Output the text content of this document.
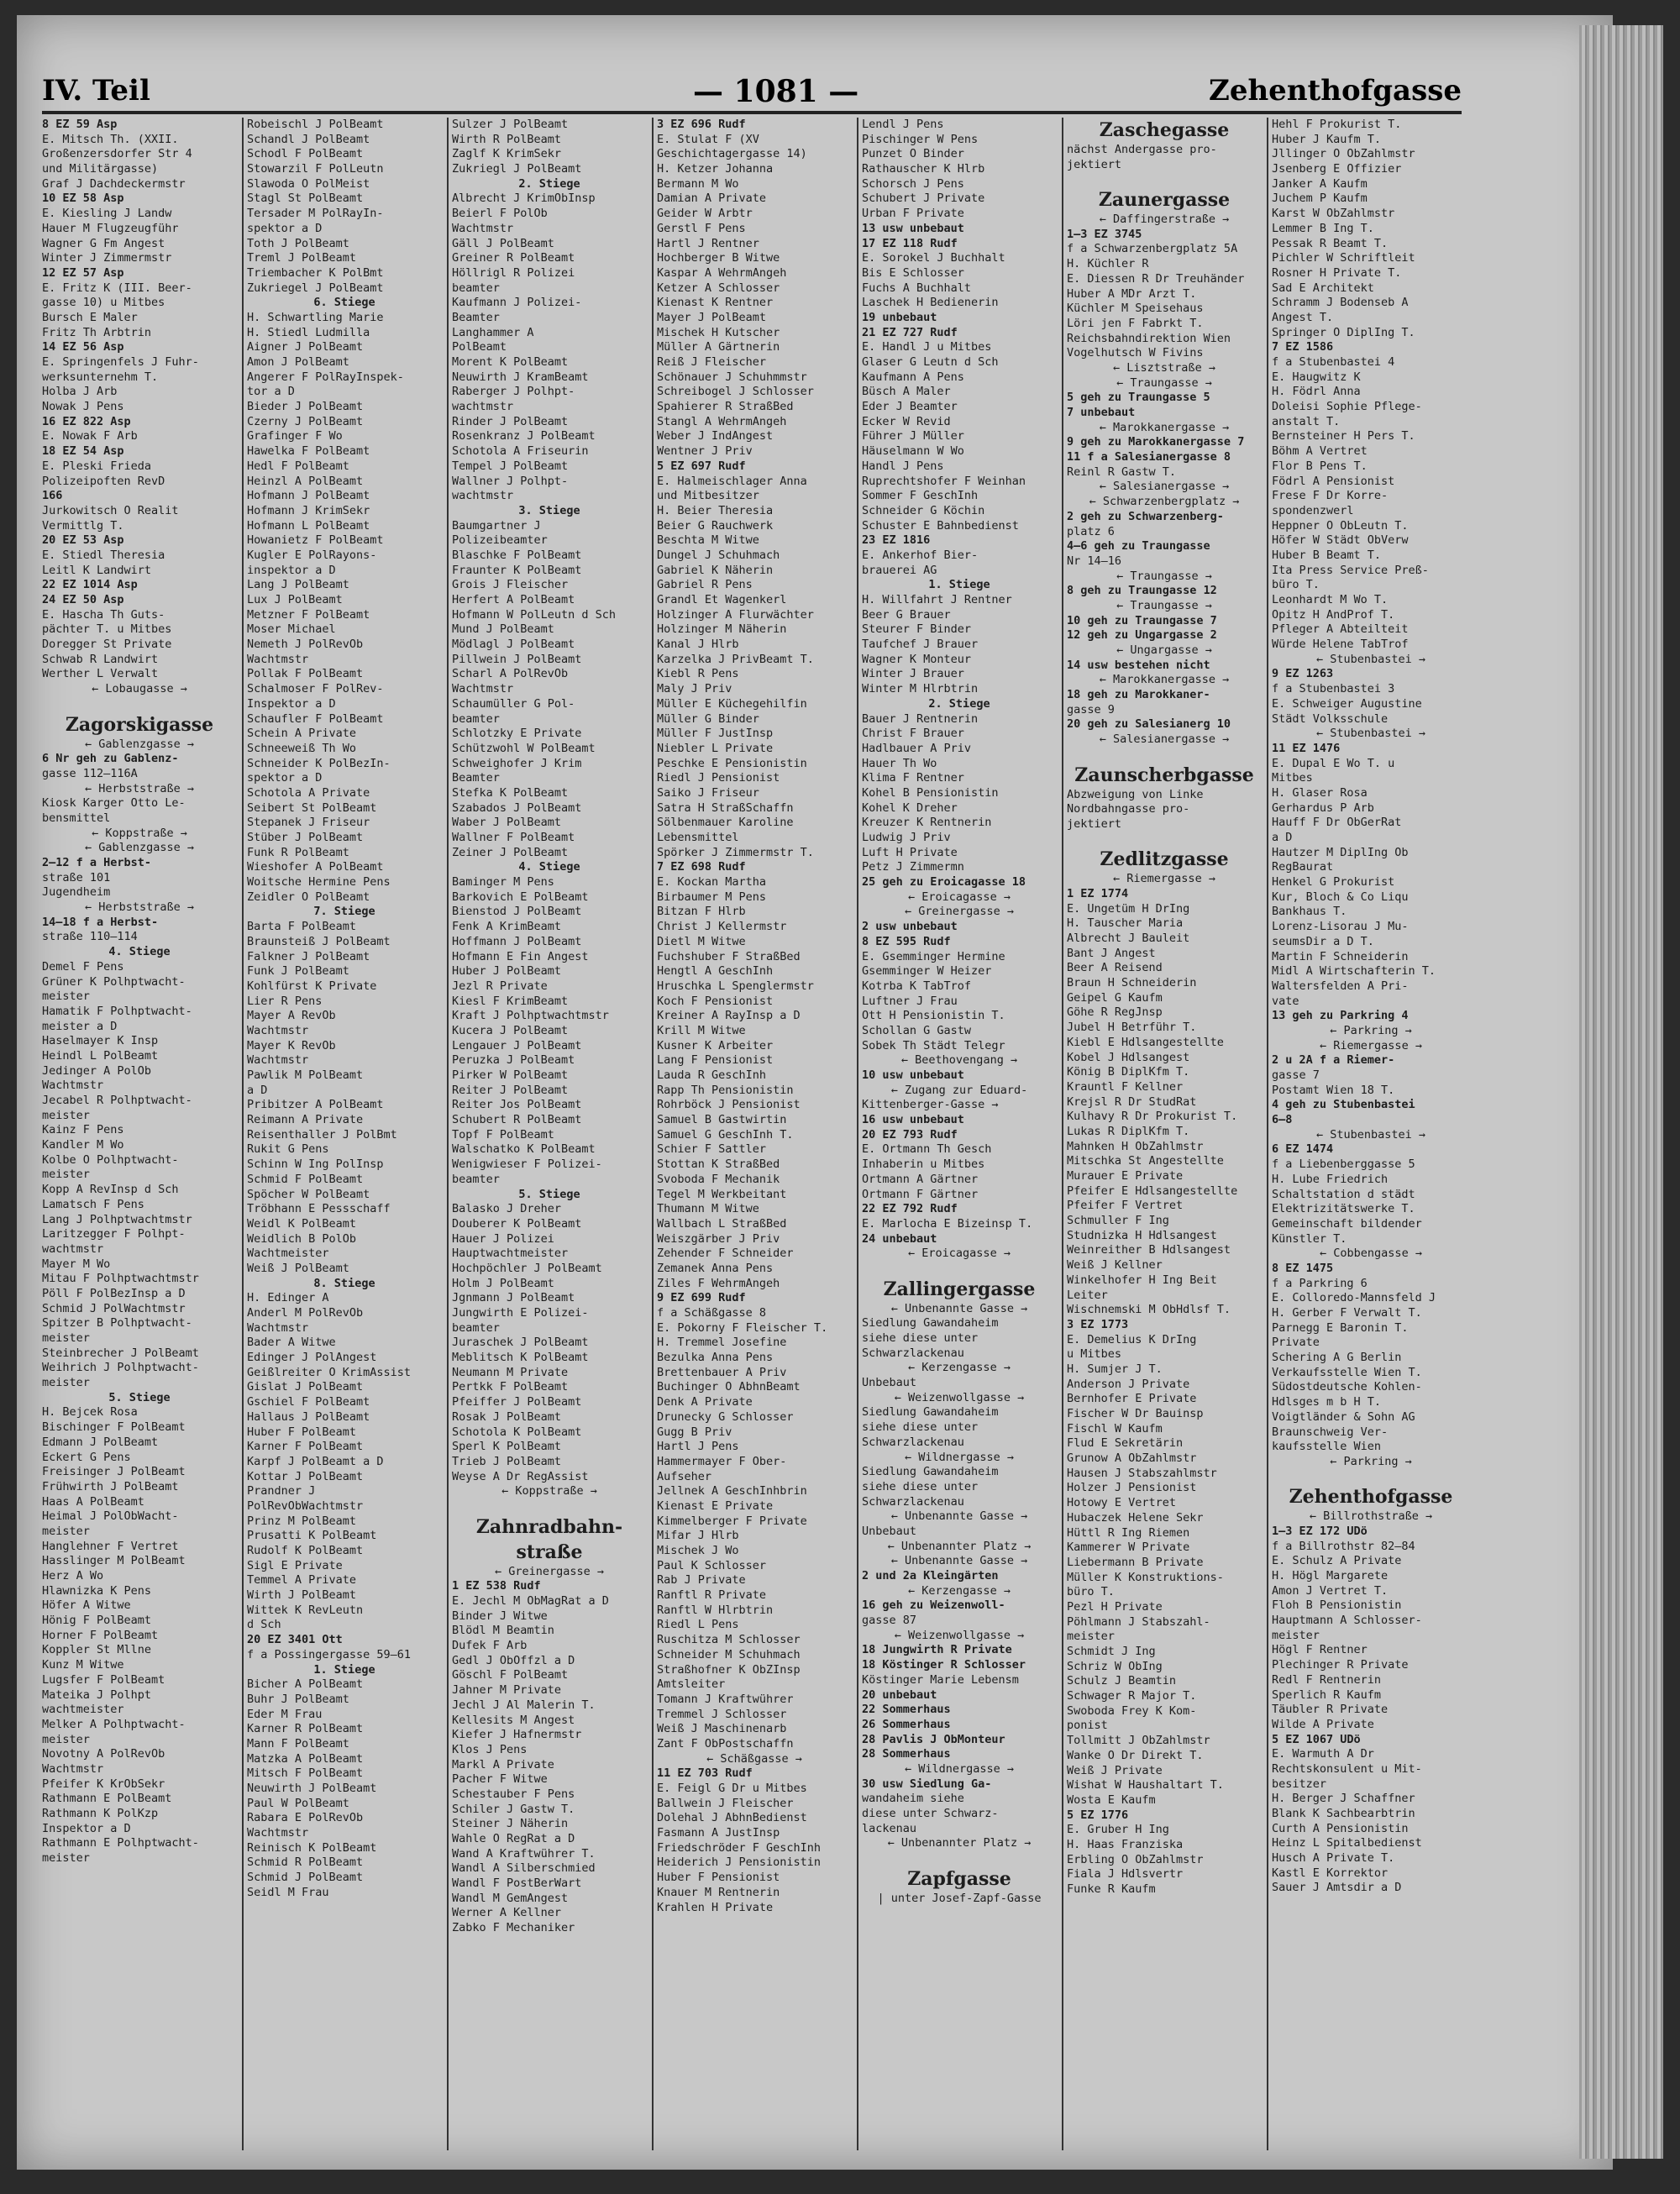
IV. Teil	— 1081 —	Zehenthofgasse
8 EZ 59 Asp
E. Mitsch Th. (XXII.
Großenzersdorfer Str 4
und Militärgasse)
Graf J Dachdeckermstr
10 EZ 58 Asp
E. Kiesling J Landw
Hauer M Flugzeugführ
Wagner G Fm Angest
Winter J Zimmermstr
12 EZ 57 Asp
E. Fritz K (III. Beer-
gasse 10) u Mitbes
Bursch E Maler
Fritz Th Arbtrin
14 EZ 56 Asp
E. Springenfels J Fuhr-
werksunternehm T.
Holba J Arb
Nowak J Pens
16 EZ 822 Asp
E. Nowak F Arb
18 EZ 54 Asp
E. Pleski Frieda
Polizeipoften RevD
166
Jurkowitsch O Realit
Vermittlg T.
20 EZ 53 Asp
E. Stiedl Theresia
Leitl K Landwirt
22 EZ 1014 Asp
24 EZ 50 Asp
E. Hascha Th Guts-
pächter T. u Mitbes
Doregger St Private
Schwab R Landwirt
Werther L Verwalt
← Lobaugasse →
Zagorskigasse
← Gablenzgasse →
6 Nr geh zu Gablenz-
gasse 112—116A
← Herbststraße →
Kiosk Karger Otto Le-
bensmittel
← Koppstraße →
← Gablenzgasse →
2—12 f a Herbst-
straße 101
Jugendheim
← Herbststraße →
14—18 f a Herbst-
straße 110—114
4. Stiege
Demel F Pens
Grüner K Polhptwacht-
meister
Hamatik F Polhptwacht-
meister a D
Haselmayer K Insp
Heindl L PolBeamt
Jedinger A PolOb
Wachtmstr
Jecabel R Polhptwacht-
meister
Kainz F Pens
Kandler M Wo
Kolbe O Polhptwacht-
meister
Kopp A RevInsp d Sch
Lamatsch F Pens
Lang J Polhptwachtmstr
Laritzegger F Polhpt-
wachtmstr
Mayer M Wo
Mitau F Polhptwachtmstr
Pöll F PolBezInsp a D
Schmid J PolWachtmstr
Spitzer B Polhptwacht-
meister
Steinbrecher J PolBeamt
Weihrich J Polhptwacht-
meister
5. Stiege
H. Bejcek Rosa
Bischinger F PolBeamt
Edmann J PolBeamt
Eckert G Pens
Freisinger J PolBeamt
Frühwirth J PolBeamt
Haas A PolBeamt
Heimal J PolObWacht-
meister
Hanglehner F Vertret
Hasslinger M PolBeamt
Herz A Wo
Hlawnizka K Pens
Höfer A Witwe
Hönig F PolBeamt
Horner F PolBeamt
Koppler St Mllne
Kunz M Witwe
Lugsfer F PolBeamt
Mateika J Polhpt
wachtmeister
Melker A Polhptwacht-
meister
Novotny A PolRevOb
Wachtmstr
Pfeifer K KrObSekr
Rathmann E PolBeamt
Rathmann K PolKzp
Inspektor a D
Rathmann E Polhptwacht-
meister
Robeischl J PolBeamt
Schandl J PolBeamt
Schodl F PolBeamt
Stowarzil F PolLeutn
Slawoda O PolMeist
Stagl St PolBeamt
Tersader M PolRayIn-
spektor a D
Toth J PolBeamt
Treml J PolBeamt
Triembacher K PolBmt
Zukriegel J PolBeamt
6. Stiege
H. Schwartling Marie
H. Stiedl Ludmilla
Aigner J PolBeamt
Amon J PolBeamt
Angerer F PolRayInspek-
tor a D
Bieder J PolBeamt
Czerny J PolBeamt
Grafinger F Wo
Hawelka F PolBeamt
Hedl F PolBeamt
Heinzl A PolBeamt
Hofmann J PolBeamt
Hofmann J KrimSekr
Hofmann L PolBeamt
Howanietz F PolBeamt
Kugler E PolRayons-
inspektor a D
Lang J PolBeamt
Lux J PolBeamt
Metzner F PolBeamt
Moser Michael
Nemeth J PolRevOb
Wachtmstr
Pollak F PolBeamt
Schalmoser F PolRev-
Inspektor a D
Schaufler F PolBeamt
Schein A Private
Schneeweiß Th Wo
Schneider K PolBezIn-
spektor a D
Schotola A Private
Seibert St PolBeamt
Stepanek J Friseur
Stüber J PolBeamt
Funk R PolBeamt
Wieshofer A PolBeamt
Woitsche Hermine Pens
Zeidler O PolBeamt
7. Stiege
Barta F PolBeamt
Braunsteiß J PolBeamt
Falkner J PolBeamt
Funk J PolBeamt
Kohlfürst K Private
Lier R Pens
Mayer A RevOb
Wachtmstr
Mayer K RevOb
Wachtmstr
Pawlik M PolBeamt
a D
Pribitzer A PolBeamt
Reimann A Private
Reisenthaller J PolBmt
Rukit G Pens
Schinn W Ing PolInsp
Schmid F PolBeamt
Spöcher W PolBeamt
Tröbhann E Pessschaff
Weidl K PolBeamt
Weidlich B PolOb
Wachtmeister
Weiß J PolBeamt
8. Stiege
H. Edinger A
Anderl M PolRevOb
Wachtmstr
Bader A Witwe
Edinger J PolAngest
Geißlreiter O KrimAssist
Gislat J PolBeamt
Gschiel F PolBeamt
Hallaus J PolBeamt
Huber F PolBeamt
Karner F PolBeamt
Karpf J PolBeamt a D
Kottar J PolBeamt
Prandner J
PolRevObWachtmstr
Prinz M PolBeamt
Prusatti K PolBeamt
Rudolf K PolBeamt
Sigl E Private
Temmel A Private
Wirth J PolBeamt
Wittek K RevLeutn
d Sch
20 EZ 3401 Ott
f a Possingergasse 59—61
1. Stiege
Bicher A PolBeamt
Buhr J PolBeamt
Eder M Frau
Karner R PolBeamt
Mann F PolBeamt
Matzka A PolBeamt
Mitsch F PolBeamt
Neuwirth J PolBeamt
Paul W PolBeamt
Rabara E PolRevOb
Wachtmstr
Reinisch K PolBeamt
Schmid R PolBeamt
Schmid J PolBeamt
Seidl M Frau
Sulzer J PolBeamt
Wirth R PolBeamt
Zaglf K KrimSekr
Zukriegl J PolBeamt
2. Stiege
Albrecht J KrimObInsp
Beierl F PolOb
Wachtmstr
Gäll J PolBeamt
Greiner R PolBeamt
Höllrigl R Polizei
beamter
Kaufmann J Polizei-
Beamter
Langhammer A
PolBeamt
Morent K PolBeamt
Neuwirth J KramBeamt
Raberger J Polhpt-
wachtmstr
Rinder J PolBeamt
Rosenkranz J PolBeamt
Schotola A Friseurin
Tempel J PolBeamt
Wallner J Polhpt-
wachtmstr
3. Stiege
Baumgartner J
Polizeibeamter
Blaschke F PolBeamt
Fraunter K PolBeamt
Grois J Fleischer
Herfert A PolBeamt
Hofmann W PolLeutn d Sch
Mund J PolBeamt
Mödlagl J PolBeamt
Pillwein J PolBeamt
Scharl A PolRevOb
Wachtmstr
Schaumüller G Pol-
beamter
Schlotzky E Private
Schützwohl W PolBeamt
Schweighofer J Krim
Beamter
Stefka K PolBeamt
Szabados J PolBeamt
Waber J PolBeamt
Wallner F PolBeamt
Zeiner J PolBeamt
4. Stiege
Baminger M Pens
Barkovich E PolBeamt
Bienstod J PolBeamt
Fenk A KrimBeamt
Hoffmann J PolBeamt
Hofmann E Fin Angest
Huber J PolBeamt
Jezl R Private
Kiesl F KrimBeamt
Kraft J Polhptwachtmstr
Kucera J PolBeamt
Lengauer J PolBeamt
Peruzka J PolBeamt
Pirker W PolBeamt
Reiter J PolBeamt
Reiter Jos PolBeamt
Schubert R PolBeamt
Topf F PolBeamt
Walschatko K PolBeamt
Wenigwieser F Polizei-
beamter
5. Stiege
Balasko J Dreher
Douberer K PolBeamt
Hauer J Polizei
Hauptwachtmeister
Hochpöchler J PolBeamt
Holm J PolBeamt
Jgnmann J PolBeamt
Jungwirth E Polizei-
beamter
Juraschek J PolBeamt
Meblitsch K PolBeamt
Neumann M Private
Pertkk F PolBeamt
Pfeiffer J PolBeamt
Rosak J PolBeamt
Schotola K PolBeamt
Sperl K PolBeamt
Trieb J PolBeamt
Weyse A Dr RegAssist
← Koppstraße →
Zahnradbahn-
straße
← Greinergasse →
1 EZ 538 Rudf
E. Jechl M ObMagRat a D
Binder J Witwe
Blödl M Beamtin
Dufek F Arb
Gedl J ObOffzl a D
Göschl F PolBeamt
Jahner M Private
Jechl J Al Malerin T.
Kellesits M Angest
Kiefer J Hafnermstr
Klos J Pens
Markl A Private
Pacher F Witwe
Schestauber F Pens
Schiler J Gastw T.
Steiner J Näherin
Wahle O RegRat a D
Wand A Kraftwührer T.
Wandl A Silberschmied
Wandl F PostBerWart
Wandl M GemAngest
Werner A Kellner
Zabko F Mechaniker
3 EZ 696 Rudf
E. Stulat F (XV
Geschichtagergasse 14)
H. Ketzer Johanna
Bermann M Wo
Damian A Private
Geider W Arbtr
Gerstl F Pens
Hartl J Rentner
Hochberger B Witwe
Kaspar A WehrmAngeh
Ketzer A Schlosser
Kienast K Rentner
Mayer J PolBeamt
Mischek H Kutscher
Müller A Gärtnerin
Reiß J Fleischer
Schönauer J Schuhmmstr
Schreibogel J Schlosser
Spahierer R StraßBed
Stangl A WehrmAngeh
Weber J IndAngest
Wentner J Priv
5 EZ 697 Rudf
E. Halmeischlager Anna
und Mitbesitzer
H. Beier Theresia
Beier G Rauchwerk
Beschta M Witwe
Dungel J Schuhmach
Gabriel K Näherin
Gabriel R Pens
Grandl Et Wagenkerl
Holzinger A Flurwächter
Holzinger M Näherin
Kanal J Hlrb
Karzelka J PrivBeamt T.
Kiebl R Pens
Maly J Priv
Müller E Küchegehilfin
Müller G Binder
Müller F JustInsp
Niebler L Private
Peschke E Pensionistin
Riedl J Pensionist
Saiko J Friseur
Satra H StraßSchaffn
Sölbenmauer Karoline
Lebensmittel
Spörker J Zimmermstr T.
7 EZ 698 Rudf
E. Kockan Martha
Birbaumer M Pens
Bitzan F Hlrb
Christ J Kellermstr
Dietl M Witwe
Fuchshuber F StraßBed
Hengtl A GeschInh
Hruschka L Spenglermstr
Koch F Pensionist
Kreiner A RayInsp a D
Krill M Witwe
Kusner K Arbeiter
Lang F Pensionist
Lauda R GeschInh
Rapp Th Pensionistin
Rohrböck J Pensionist
Samuel B Gastwirtin
Samuel G GeschInh T.
Schier F Sattler
Stottan K StraßBed
Svoboda F Mechanik
Tegel M Werkbeitant
Thumann M Witwe
Wallbach L StraßBed
Weiszgärber J Priv
Zehender F Schneider
Zemanek Anna Pens
Ziles F WehrmAngeh
9 EZ 699 Rudf
f a Schäßgasse 8
E. Pokorny F Fleischer T.
H. Tremmel Josefine
Bezulka Anna Pens
Brettenbauer A Priv
Buchinger O AbhnBeamt
Denk A Private
Drunecky G Schlosser
Gugg B Priv
Hartl J Pens
Hammermayer F Ober-
Aufseher
Jellnek A GeschInhbrin
Kienast E Private
Kimmelberger F Private
Mifar J Hlrb
Mischek J Wo
Paul K Schlosser
Rab J Private
Ranftl R Private
Ranftl W Hlrbtrin
Riedl L Pens
Ruschitza M Schlosser
Schneider M Schuhmach
Straßhofner K ObZInsp
Amtsleiter
Tomann J Kraftwührer
Tremmel J Schlosser
Weiß J Maschinenarb
Zant F ObPostschaffn
← Schäßgasse →
11 EZ 703 Rudf
E. Feigl G Dr u Mitbes
Ballwein J Fleischer
Dolehal J AbhnBedienst
Fasmann A JustInsp
Friedschröder F GeschInh
Heiderich J Pensionistin
Huber F Pensionist
Knauer M Rentnerin
Krahlen H Private
Lendl J Pens
Pischinger W Pens
Punzet O Binder
Rathauscher K Hlrb
Schorsch J Pens
Schubert J Private
Urban F Private
13 usw unbebaut
17 EZ 118 Rudf
E. Sorokel J Buchhalt
Bis E Schlosser
Fuchs A Buchhalt
Laschek H Bedienerin
19 unbebaut
21 EZ 727 Rudf
E. Handl J u Mitbes
Glaser G Leutn d Sch
Kaufmann A Pens
Büsch A Maler
Eder J Beamter
Ecker W Revid
Führer J Müller
Häuselmann W Wo
Handl J Pens
Ruprechtshofer F Weinhan
Sommer F GeschInh
Schneider G Köchin
Schuster E Bahnbedienst
23 EZ 1816
E. Ankerhof Bier-
brauerei AG
1. Stiege
H. Willfahrt J Rentner
Beer G Brauer
Steurer F Binder
Taufchef J Brauer
Wagner K Monteur
Winter J Brauer
Winter M Hlrbtrin
2. Stiege
Bauer J Rentnerin
Christ F Brauer
Hadlbauer A Priv
Hauer Th Wo
Klima F Rentner
Kohel B Pensionistin
Kohel K Dreher
Kreuzer K Rentnerin
Ludwig J Priv
Luft H Private
Petz J Zimmermn
25 geh zu Eroicagasse 18
← Eroicagasse →
← Greinergasse →
2 usw unbebaut
8 EZ 595 Rudf
E. Gsemminger Hermine
Gsemminger W Heizer
Kotrba K TabTrof
Luftner J Frau
Ott H Pensionistin T.
Schollan G Gastw
Sobek Th Städt Telegr
← Beethovengang →
10 usw unbebaut
← Zugang zur Eduard-
Kittenberger-Gasse →
16 usw unbebaut
20 EZ 793 Rudf
E. Ortmann Th Gesch
Inhaberin u Mitbes
Ortmann A Gärtner
Ortmann F Gärtner
22 EZ 792 Rudf
E. Marlocha E Bizeinsp T.
24 unbebaut
← Eroicagasse →
Zallingergasse
← Unbenannte Gasse →
Siedlung Gawandaheim
siehe diese unter
Schwarzlackenau
← Kerzengasse →
Unbebaut
← Weizenwollgasse →
Siedlung Gawandaheim
siehe diese unter
Schwarzlackenau
← Wildnergasse →
Siedlung Gawandaheim
siehe diese unter
Schwarzlackenau
← Unbenannte Gasse →
Unbebaut
← Unbenannter Platz →
← Unbenannte Gasse →
2 und 2a Kleingärten
← Kerzengasse →
16 geh zu Weizenwoll-
gasse 87
← Weizenwollgasse →
18 Jungwirth R Private
18 Köstinger R Schlosser
Köstinger Marie Lebensm
20 unbebaut
22 Sommerhaus
26 Sommerhaus
28 Pavlis J ObMonteur
28 Sommerhaus
← Wildnergasse →
30 usw Siedlung Ga-
wandaheim siehe
diese unter Schwarz-
lackenau
← Unbenannter Platz →
Zapfgasse
| unter Josef-Zapf-Gasse
Zaschegasse
nächst Andergasse pro-
jektiert
Zaunergasse
← Daffingerstraße →
1—3 EZ 3745
f a Schwarzenbergplatz 5A
H. Küchler R
E. Diessen R Dr Treuhänder
Huber A MDr Arzt T.
Küchler M Speisehaus
Löri jen F Fabrkt T.
Reichsbahndirektion Wien
Vogelhutsch W Fivins
← Lisztstraße →
← Traungasse →
5 geh zu Traungasse 5
7 unbebaut
← Marokkanergasse →
9 geh zu Marokkanergasse 7
11 f a Salesianergasse 8
Reinl R Gastw T.
← Salesianergasse →
← Schwarzenbergplatz →
2 geh zu Schwarzenberg-
platz 6
4—6 geh zu Traungasse
Nr 14—16
← Traungasse →
8 geh zu Traungasse 12
← Traungasse →
10 geh zu Traungasse 7
12 geh zu Ungargasse 2
← Ungargasse →
14 usw bestehen nicht
← Marokkanergasse →
18 geh zu Marokkaner-
gasse 9
20 geh zu Salesianerg 10
← Salesianergasse →
Zaunscherbgasse
Abzweigung von Linke
Nordbahngasse pro-
jektiert
Zedlitzgasse
← Riemergasse →
1 EZ 1774
E. Ungetüm H DrIng
H. Tauscher Maria
Albrecht J Bauleit
Bant J Angest
Beer A Reisend
Braun H Schneiderin
Geipel G Kaufm
Göhe R RegJnsp
Jubel H Betrführ T.
Kiebl E Hdlsangestellte
Kobel J Hdlsangest
König B DiplKfm T.
Krauntl F Kellner
Krejsl R Dr StudRat
Kulhavy R Dr Prokurist T.
Lukas R DiplKfm T.
Mahnken H ObZahlmstr
Mitschka St Angestellte
Murauer E Private
Pfeifer E Hdlsangestellte
Pfeifer F Vertret
Schmuller F Ing
Studnizka H Hdlsangest
Weinreither B Hdlsangest
Weiß J Kellner
Winkelhofer H Ing Beit
Leiter
Wischnemski M ObHdlsf T.
3 EZ 1773
E. Demelius K DrIng
u Mitbes
H. Sumjer J T.
Anderson J Private
Bernhofer E Private
Fischer W Dr Bauinsp
Fischl W Kaufm
Flud E Sekretärin
Grunow A ObZahlmstr
Hausen J Stabszahlmstr
Holzer J Pensionist
Hotowy E Vertret
Hubaczek Helene Sekr
Hüttl R Ing Riemen
Kammerer W Private
Liebermann B Private
Müller K Konstruktions-
büro T.
Pezl H Private
Pöhlmann J Stabszahl-
meister
Schmidt J Ing
Schriz W ObIng
Schulz J Beamtin
Schwager R Major T.
Swoboda Frey K Kom-
ponist
Tollmitt J ObZahlmstr
Wanke O Dr Direkt T.
Weiß J Private
Wishat W Haushaltart T.
Wosta E Kaufm
5 EZ 1776
E. Gruber H Ing
H. Haas Franziska
Erbling O ObZahlmstr
Fiala J Hdlsvertr
Funke R Kaufm
Hehl F Prokurist T.
Huber J Kaufm T.
Jllinger O ObZahlmstr
Jsenberg E Offizier
Janker A Kaufm
Juchem P Kaufm
Karst W ObZahlmstr
Lemmer B Ing T.
Pessak R Beamt T.
Pichler W Schriftleit
Rosner H Private T.
Sad E Architekt
Schramm J Bodenseb A
Angest T.
Springer O DiplIng T.
7 EZ 1586
f a Stubenbastei 4
E. Haugwitz K
H. Födrl Anna
Doleisi Sophie Pflege-
anstalt T.
Bernsteiner H Pers T.
Böhm A Vertret
Flor B Pens T.
Födrl A Pensionist
Frese F Dr Korre-
spondenzwerl
Heppner O ObLeutn T.
Höfer W Städt ObVerw
Huber B Beamt T.
Ita Press Service Preß-
büro T.
Leonhardt M Wo T.
Opitz H AndProf T.
Pfleger A Abteilteit
Würde Helene TabTrof
← Stubenbastei →
9 EZ 1263
f a Stubenbastei 3
E. Schweiger Augustine
Städt Volksschule
← Stubenbastei →
11 EZ 1476
E. Dupal E Wo T. u
Mitbes
H. Glaser Rosa
Gerhardus P Arb
Hauff F Dr ObGerRat
a D
Hautzer M DiplIng Ob
RegBaurat
Henkel G Prokurist
Kur, Bloch & Co Liqu
Bankhaus T.
Lorenz-Lisorau J Mu-
seumsDir a D T.
Martin F Schneiderin
Midl A Wirtschafterin T.
Waltersfelden A Pri-
vate
13 geh zu Parkring 4
← Parkring →
← Riemergasse →
2 u 2A f a Riemer-
gasse 7
Postamt Wien 18 T.
4 geh zu Stubenbastei
6—8
← Stubenbastei →
6 EZ 1474
f a Liebenberggasse 5
H. Lube Friedrich
Schaltstation d städt
Elektrizitätswerke T.
Gemeinschaft bildender
Künstler T.
← Cobbengasse →
8 EZ 1475
f a Parkring 6
E. Colloredo-Mannsfeld J
H. Gerber F Verwalt T.
Parnegg E Baronin T.
Private
Schering A G Berlin
Verkaufsstelle Wien T.
Südostdeutsche Kohlen-
Hdlsges m b H T.
Voigtländer & Sohn AG
Braunschweig Ver-
kaufsstelle Wien
← Parkring →
Zehenthofgasse
← Billrothstraße →
1—3 EZ 172 UDö
f a Billrothstr 82—84
E. Schulz A Private
H. Högl Margarete
Amon J Vertret T.
Floh B Pensionistin
Hauptmann A Schlosser-
meister
Högl F Rentner
Plechinger R Private
Redl F Rentnerin
Sperlich R Kaufm
Täubler R Private
Wilde A Private
5 EZ 1067 UDö
E. Warmuth A Dr
Rechtskonsulent u Mit-
besitzer
H. Berger J Schaffner
Blank K Sachbearbtrin
Curth A Pensionistin
Heinz L Spitalbedienst
Husch A Private T.
Kastl E Korrektor
Sauer J Amtsdir a D
